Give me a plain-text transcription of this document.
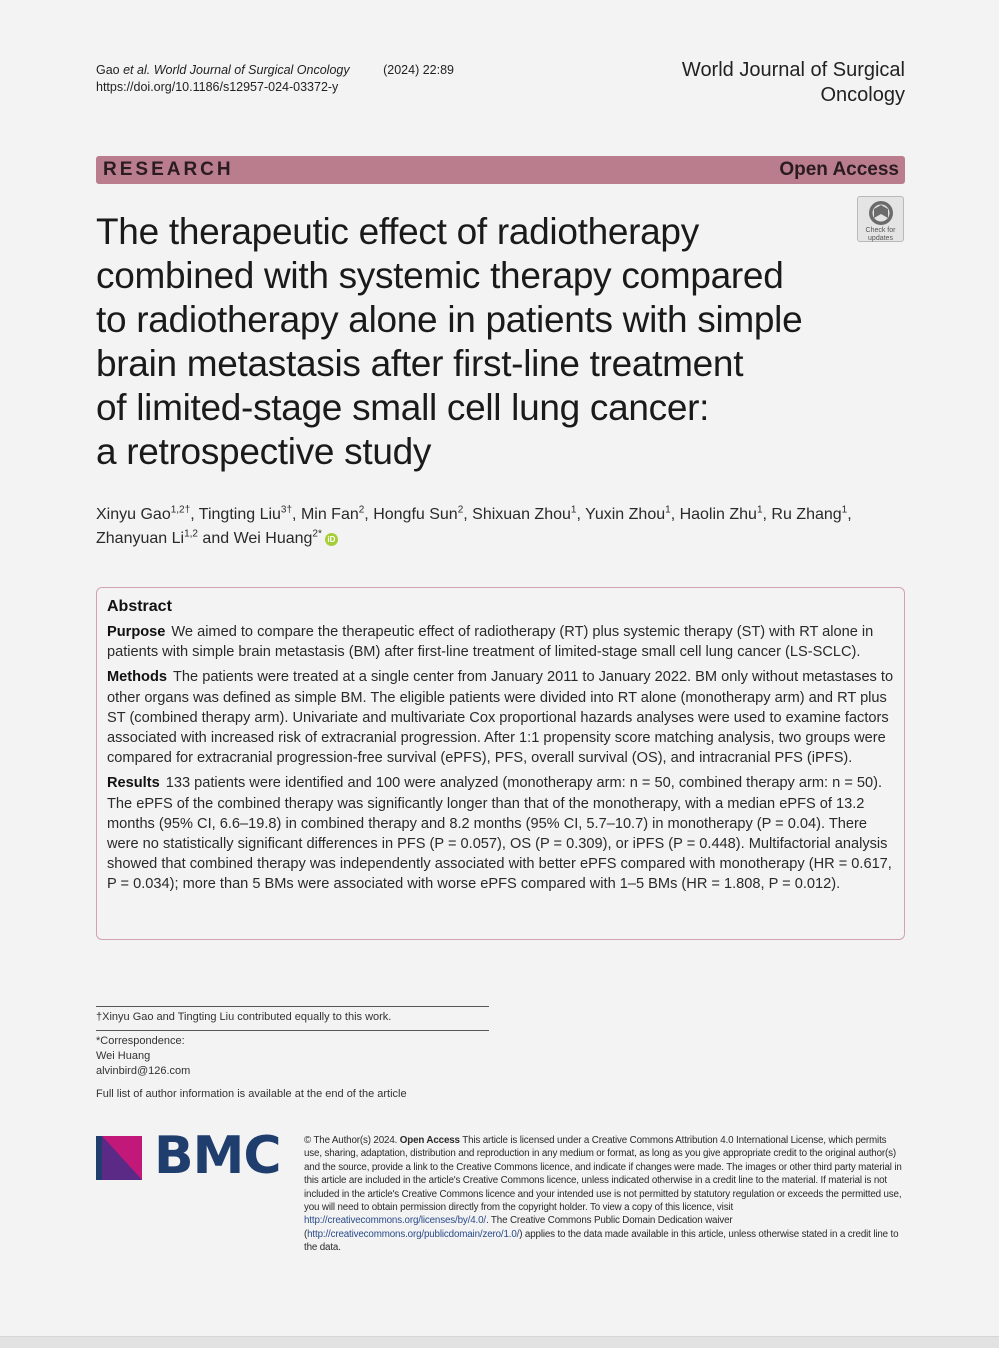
Gao et al. World Journal of Surgical Oncology	(2024) 22:89
https://doi.org/10.1186/s12957-024-03372-y
World Journal of Surgical
Oncology
RESEARCH	Open Access
Check for
updates
The therapeutic effect of radiotherapy
combined with systemic therapy compared
to radiotherapy alone in patients with simple
brain metastasis after first-line treatment
of limited-stage small cell lung cancer:
a retrospective study
Xinyu Gao$^{1,2\dagger}$, Tingting Liu$^{3\dagger}$, Min Fan$^2$, Hongfu Sun$^2$, Shixuan Zhou$^1$, Yuxin Zhou$^1$, Haolin Zhu$^1$, Ru Zhang$^1$,
Zhanyuan Li$^{1,2}$ and Wei Huang$^{2*}$ iD
Abstract
Purpose We aimed to compare the therapeutic effect of radiotherapy (RT) plus systemic therapy (ST) with RT alone in patients with simple brain metastasis (BM) after first-line treatment of limited-stage small cell lung cancer (LS-SCLC).
Methods The patients were treated at a single center from January 2011 to January 2022. BM only without metastases to other organs was defined as simple BM. The eligible patients were divided into RT alone (monotherapy arm) and RT plus ST (combined therapy arm). Univariate and multivariate Cox proportional hazards analyses were used to examine factors associated with increased risk of extracranial progression. After 1:1 propensity score matching analysis, two groups were compared for extracranial progression-free survival (ePFS), PFS, overall survival (OS), and intracranial PFS (iPFS).
Results 133 patients were identified and 100 were analyzed (monotherapy arm: n = 50, combined therapy arm: n = 50). The ePFS of the combined therapy was significantly longer than that of the monotherapy, with a median ePFS of 13.2 months (95% CI, 6.6–19.8) in combined therapy and 8.2 months (95% CI, 5.7–10.7) in monotherapy (P = 0.04). There were no statistically significant differences in PFS (P = 0.057), OS (P = 0.309), or iPFS (P = 0.448). Multifactorial analysis showed that combined therapy was independently associated with better ePFS compared with monotherapy (HR = 0.617, P = 0.034); more than 5 BMs were associated with worse ePFS compared with 1–5 BMs (HR = 1.808, P = 0.012).
†Xinyu Gao and Tingting Liu contributed equally to this work.
*Correspondence:
Wei Huang
alvinbird@126.com
Full list of author information is available at the end of the article
BMC © The Author(s) 2024. Open Access This article is licensed under a Creative Commons Attribution 4.0 International License, which permits use, sharing, adaptation, distribution and reproduction in any medium or format, as long as you give appropriate credit to the original author(s) and the source, provide a link to the Creative Commons licence, and indicate if changes were made. The images or other third party material in this article are included in the article's Creative Commons licence, unless indicated otherwise in a credit line to the material. If material is not included in the article's Creative Commons licence and your intended use is not permitted by statutory regulation or exceeds the permitted use, you will need to obtain permission directly from the copyright holder. To view a copy of this licence, visit http://creativecommons.org/licenses/by/4.0/. The Creative Commons Public Domain Dedication waiver (http://creativecommons.org/publicdomain/zero/1.0/) applies to the data made available in this article, unless otherwise stated in a credit line to the data.
